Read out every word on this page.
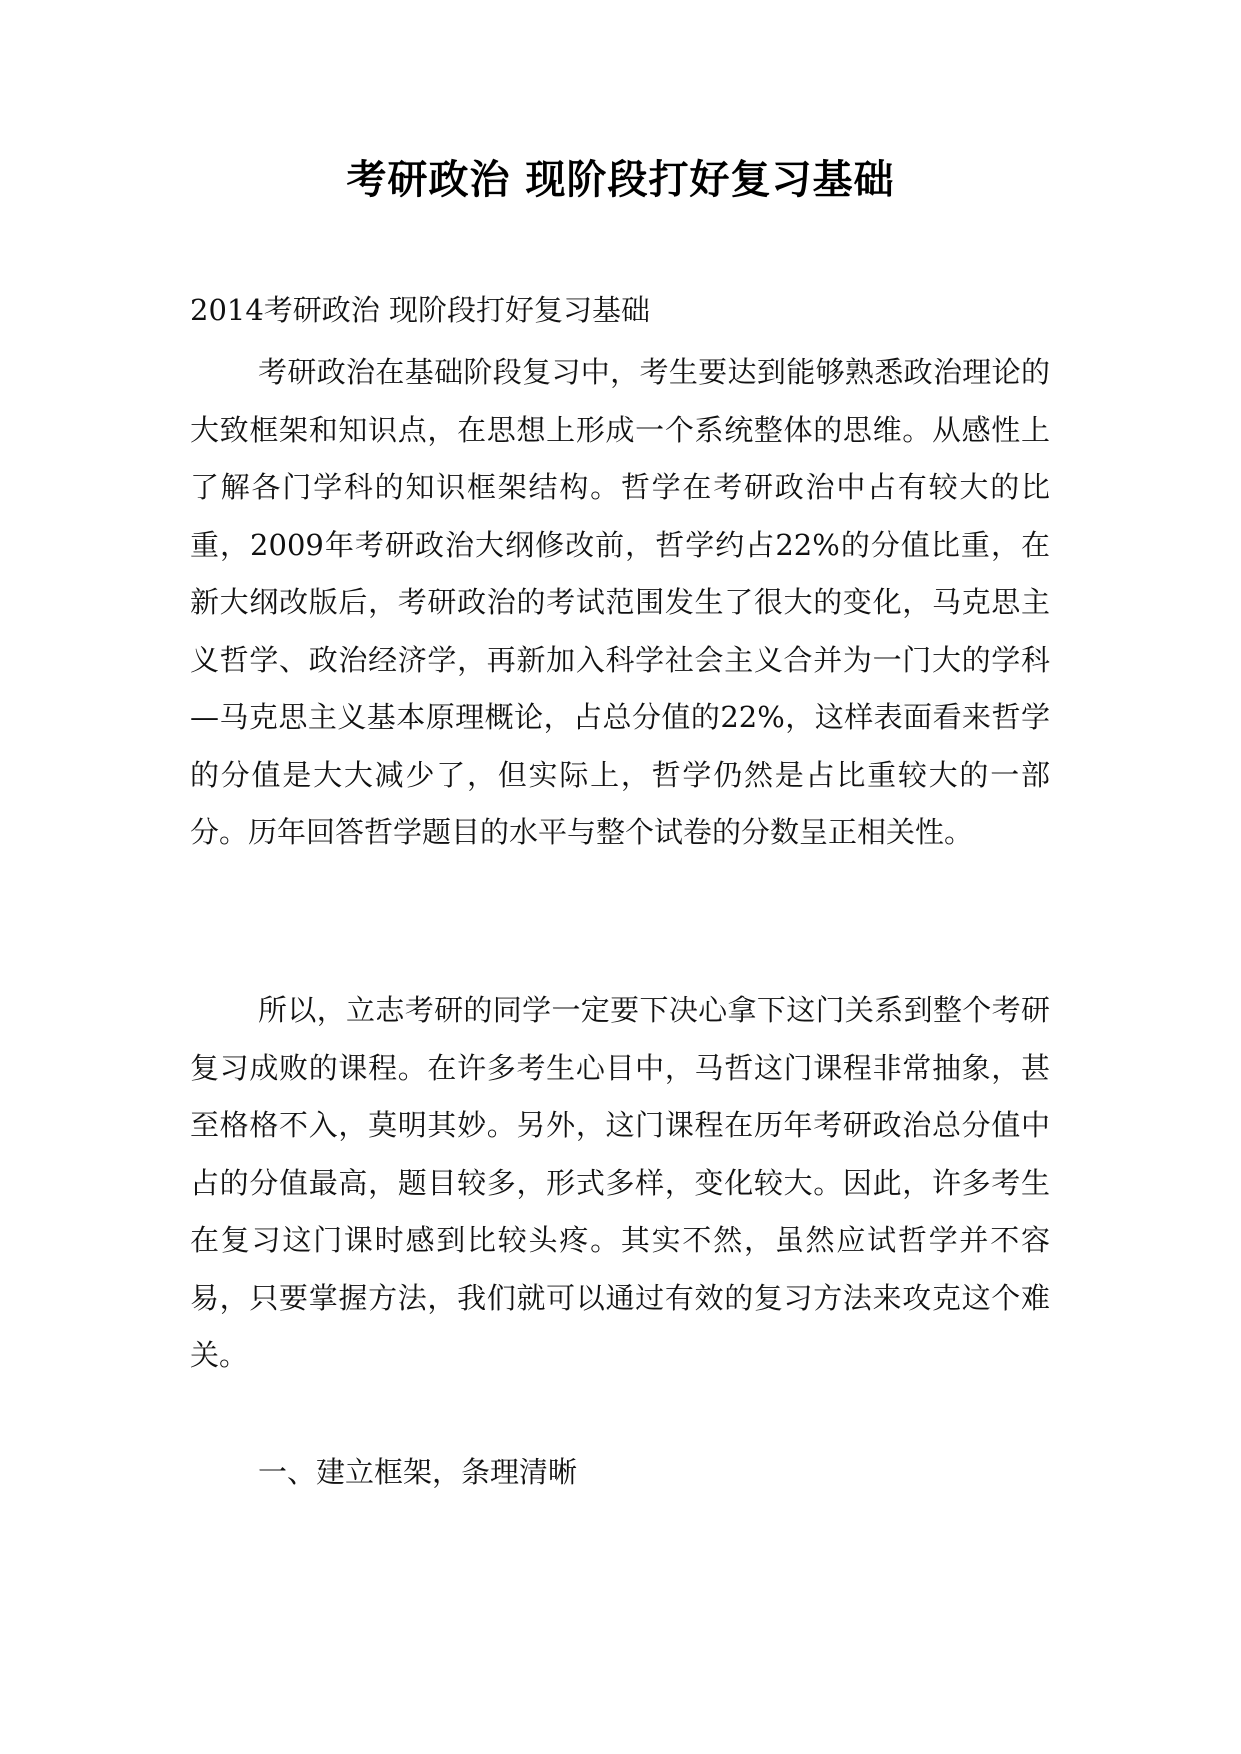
考研政治 现阶段打好复习基础
2014考研政治 现阶段打好复习基础
考研政治在基础阶段复习中，考生要达到能够熟悉政治理论的大致框架和知识点，在思想上形成一个系统整体的思维。从感性上了解各门学科的知识框架结构。哲学在考研政治中占有较大的比重，2009年考研政治大纲修改前，哲学约占22%的分值比重，在新大纲改版后，考研政治的考试范围发生了很大的变化，马克思主义哲学、政治经济学，再新加入科学社会主义合并为一门大的学科—马克思主义基本原理概论，占总分值的22%，这样表面看来哲学的分值是大大减少了，但实际上，哲学仍然是占比重较大的一部分。历年回答哲学题目的水平与整个试卷的分数呈正相关性。
所以，立志考研的同学一定要下决心拿下这门关系到整个考研复习成败的课程。在许多考生心目中，马哲这门课程非常抽象，甚至格格不入，莫明其妙。另外，这门课程在历年考研政治总分值中占的分值最高，题目较多，形式多样，变化较大。因此，许多考生在复习这门课时感到比较头疼。其实不然，虽然应试哲学并不容易，只要掌握方法，我们就可以通过有效的复习方法来攻克这个难关。
一、建立框架，条理清晰
